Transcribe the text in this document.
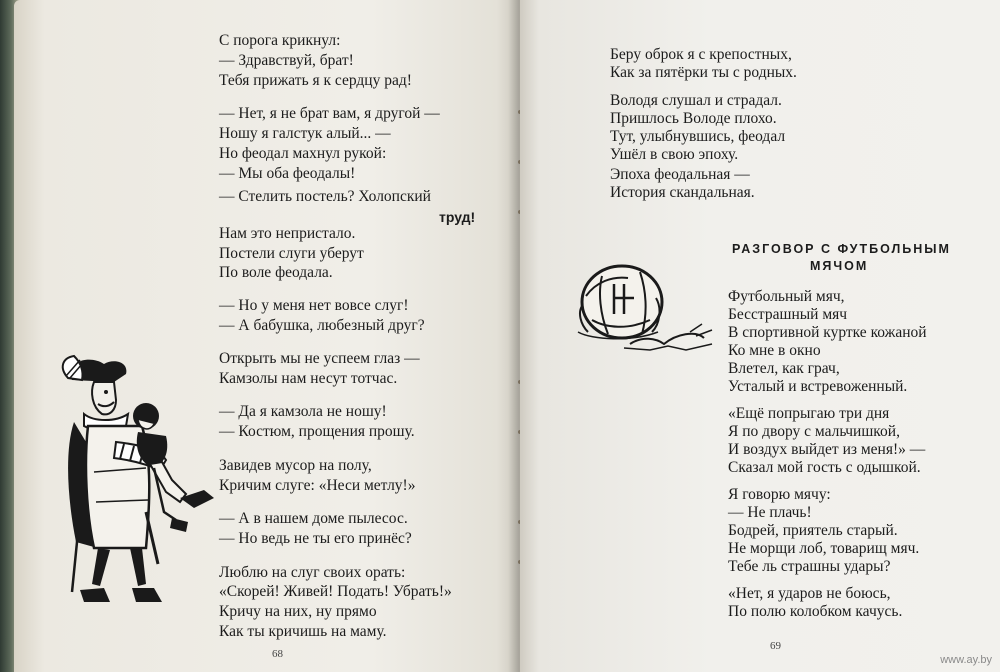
С порога крикнул:
— Здравствуй, брат!
Тебя прижать я к сердцу рад!
— Нет, я не брат вам, я другой —
Ношу я галстук алый... —
Но феодал махнул рукой:
— Мы оба феодалы!
— Стелить постель? Холопский
труд!
Нам это непристало.
Постели слуги уберут
По воле феодала.
— Но у меня нет вовсе слуг!
— А бабушка, любезный друг?
Открыть мы не успеем глаз —
Камзолы нам несут тотчас.
— Да я камзола не ношу!
— Костюм, прощения прошу.
Завидев мусор на полу,
Кричим слуге: «Неси метлу!»
— А в нашем доме пылесос.
— Но ведь не ты его принёс?
Люблю на слуг своих орать:
«Скорей! Живей! Подать! Убрать!»
Кричу на них, ну прямо
Как ты кричишь на маму.
68
Беру оброк я с крепостных,
Как за пятёрки ты с родных.
Володя слушал и страдал.
Пришлось Володе плохо.
Тут, улыбнувшись, феодал
Ушёл в свою эпоху.
Эпоха феодальная —
История скандальная.
РАЗГОВОР С ФУТБОЛЬНЫМ
МЯЧОМ
Футбольный мяч,
Бесстрашный мяч
В спортивной куртке кожаной
Ко мне в окно
Влетел, как грач,
Усталый и встревоженный.
«Ещё попрыгаю три дня
Я по двору с мальчишкой,
И воздух выйдет из меня!» —
Сказал мой гость с одышкой.
Я говорю мячу:
— Не плачь!
Бодрей, приятель старый.
Не морщи лоб, товарищ мяч.
Тебе ль страшны удары?
«Нет, я ударов не боюсь,
По полю колобком качусь.
69
www.ay.by
